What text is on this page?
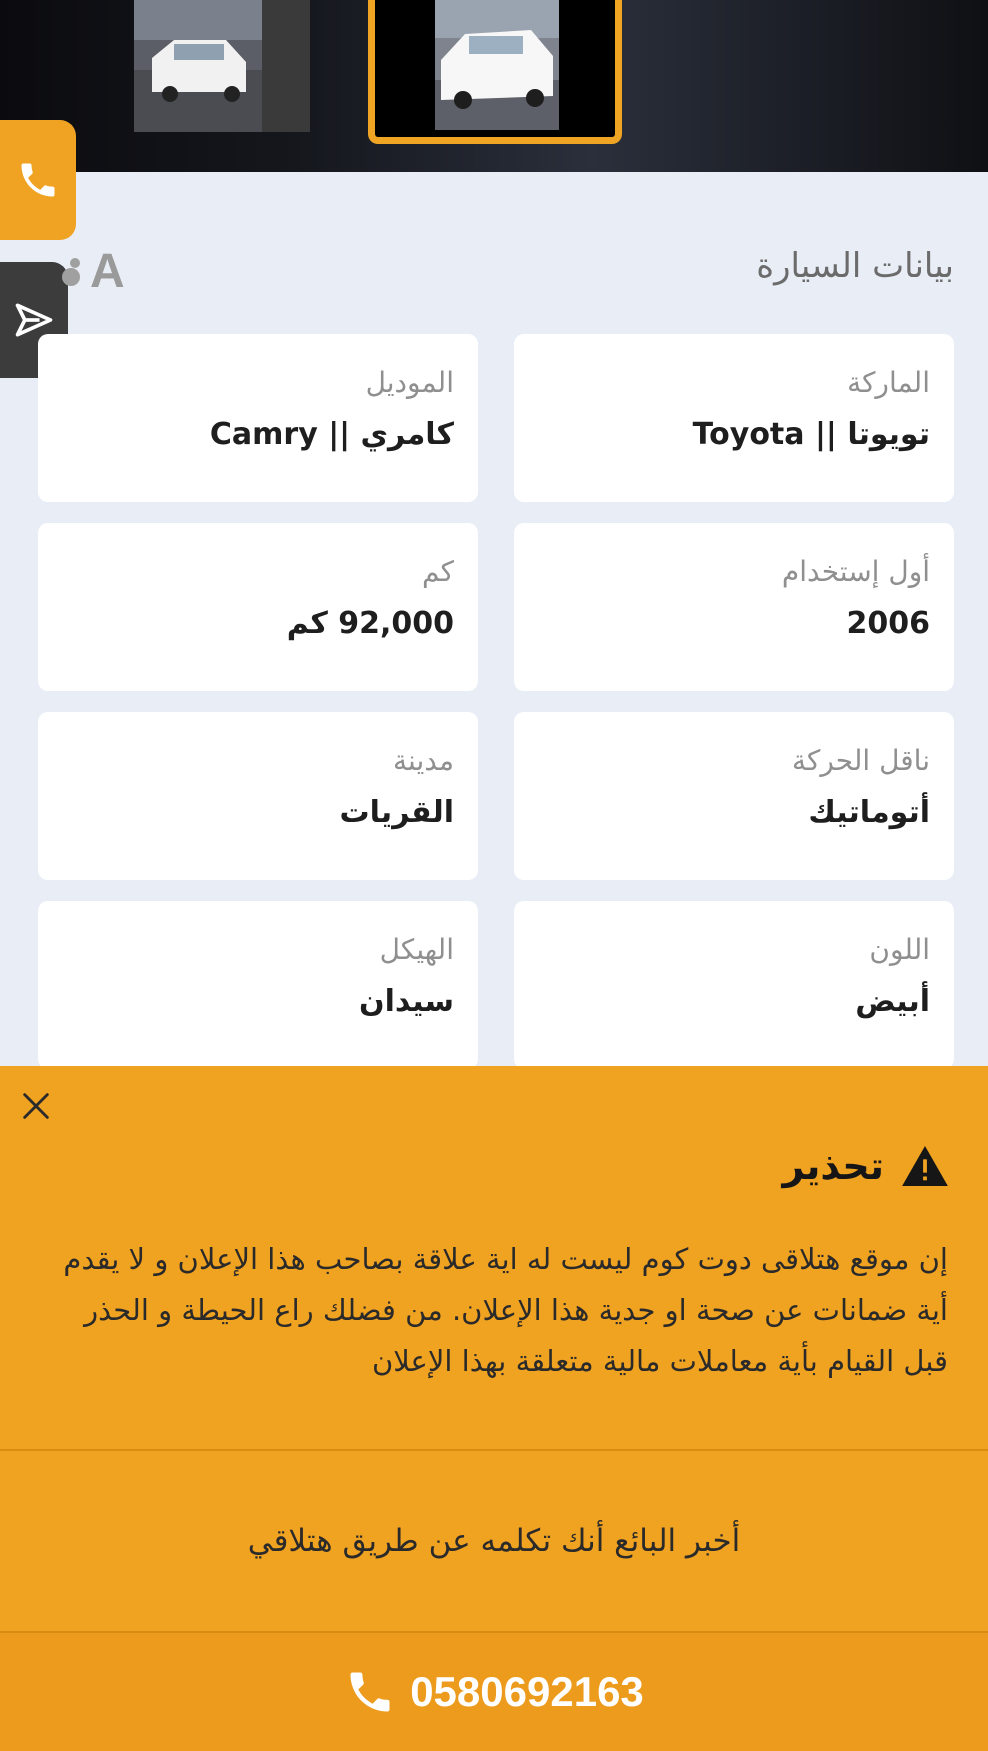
A	بيانات السيارة
الماركة
تويوتا || Toyota
الموديل
كامري || Camry
أول إستخدام
2006
كم
92,000 كم
ناقل الحركة
أتوماتيك
مدينة
القريات
اللون
أبيض
الهيكل
سيدان
تحذير
إن موقع هتلاقى دوت كوم ليست له اية علاقة بصاحب هذا الإعلان و لا يقدم أية ضمانات عن صحة او جدية هذا الإعلان. من فضلك راع الحيطة و الحذر قبل القيام بأية معاملات مالية متعلقة بهذا الإعلان
أخبر البائع أنك تكلمه عن طريق هتلاقي
0580692163
